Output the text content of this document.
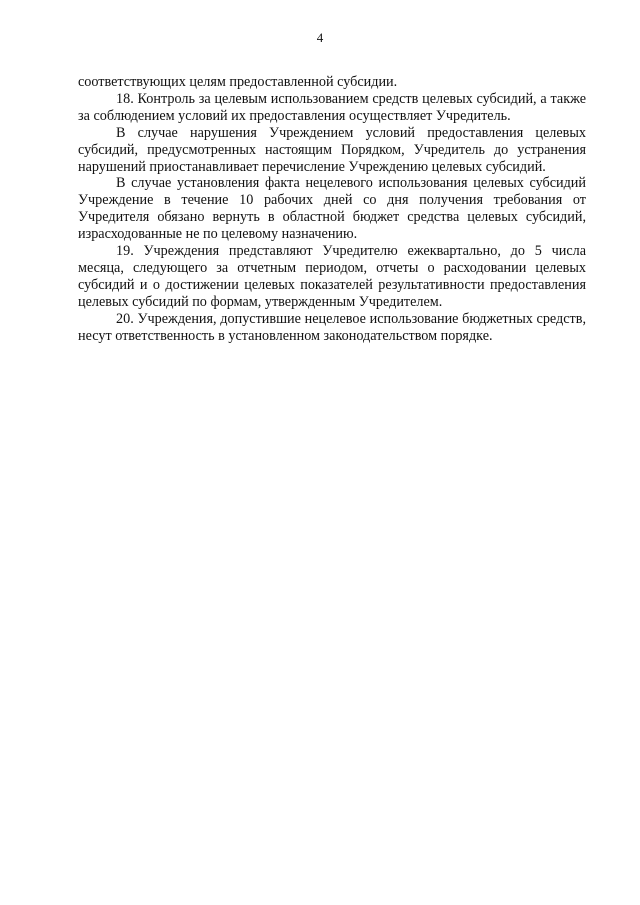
4

соответствующих целям предоставленной субсидии.

18. Контроль за целевым использованием средств целевых субсидий, а также за соблюдением условий их предоставления осуществляет Учредитель.

В случае нарушения Учреждением условий предоставления целевых субсидий, предусмотренных настоящим Порядком, Учредитель до устранения нарушений приостанавливает перечисление Учреждению целевых субсидий.

В случае установления факта нецелевого использования целевых субсидий Учреждение в течение 10 рабочих дней со дня получения требования от Учредителя обязано вернуть в областной бюджет средства целевых субсидий, израсходованные не по целевому назначению.

19. Учреждения представляют Учредителю ежеквартально, до 5 числа месяца, следующего за отчетным периодом, отчеты о расходовании целевых субсидий и о достижении целевых показателей результативности предоставления целевых субсидий по формам, утвержденным Учредителем.

20. Учреждения, допустившие нецелевое использование бюджетных средств, несут ответственность в установленном законодательством порядке.
